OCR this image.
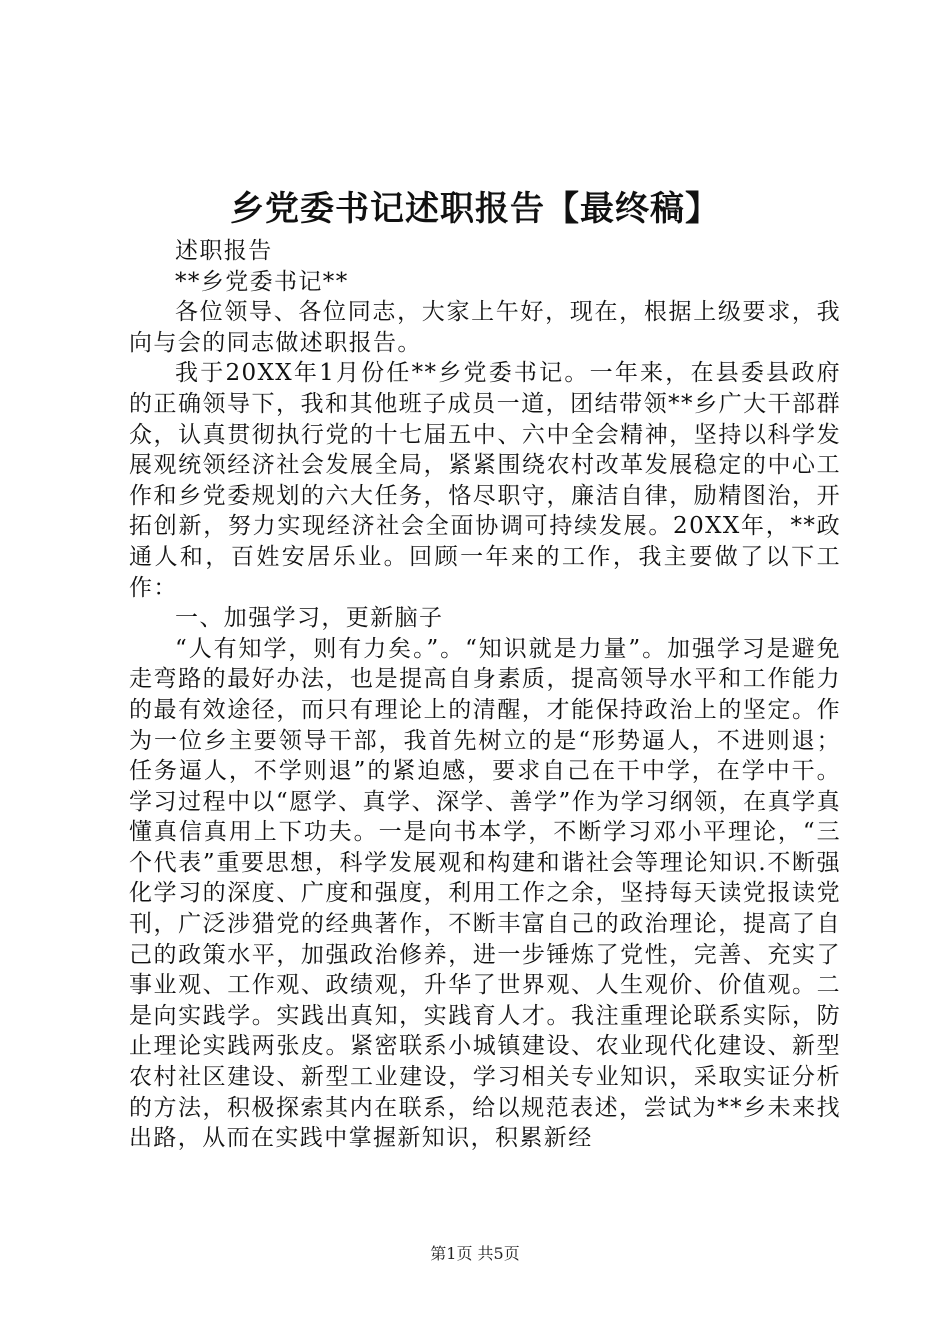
乡党委书记述职报告【最终稿】

述职报告

**乡党委书记**

各位领导、各位同志，大家上午好，现在，根据上级要求，我向与会的同志做述职报告。

我于20XX年1月份任**乡党委书记。一年来，在县委县政府的正确领导下，我和其他班子成员一道，团结带领**乡广大干部群众，认真贯彻执行党的十七届五中、六中全会精神，坚持以科学发展观统领经济社会发展全局，紧紧围绕农村改革发展稳定的中心工作和乡党委规划的六大任务，恪尽职守，廉洁自律，励精图治，开拓创新，努力实现经济社会全面协调可持续发展。20XX年，**政通人和，百姓安居乐业。回顾一年来的工作，我主要做了以下工作：

一、加强学习，更新脑子

“人有知学，则有力矣。”。“知识就是力量”。加强学习是避免走弯路的最好办法，也是提高自身素质，提高领导水平和工作能力的最有效途径，而只有理论上的清醒，才能保持政治上的坚定。作为一位乡主要领导干部，我首先树立的是“形势逼人，不进则退；任务逼人，不学则退”的紧迫感，要求自己在干中学，在学中干。学习过程中以“愿学、真学、深学、善学”作为学习纲领，在真学真懂真信真用上下功夫。一是向书本学，不断学习邓小平理论，“三个代表”重要思想，科学发展观和构建和谐社会等理论知识.不断强化学习的深度、广度和强度，利用工作之余，坚持每天读党报读党刊，广泛涉猎党的经典著作，不断丰富自己的政治理论，提高了自己的政策水平，加强政治修养，进一步锤炼了党性，完善、充实了事业观、工作观、政绩观，升华了世界观、人生观价、价值观。二是向实践学。实践出真知，实践育人才。我注重理论联系实际，防止理论实践两张皮。紧密联系小城镇建设、农业现代化建设、新型农村社区建设、新型工业建设，学习相关专业知识，采取实证分析的方法，积极探索其内在联系，给以规范表述，尝试为**乡未来找出路，从而在实践中掌握新知识，积累新经

第1页 共5页
